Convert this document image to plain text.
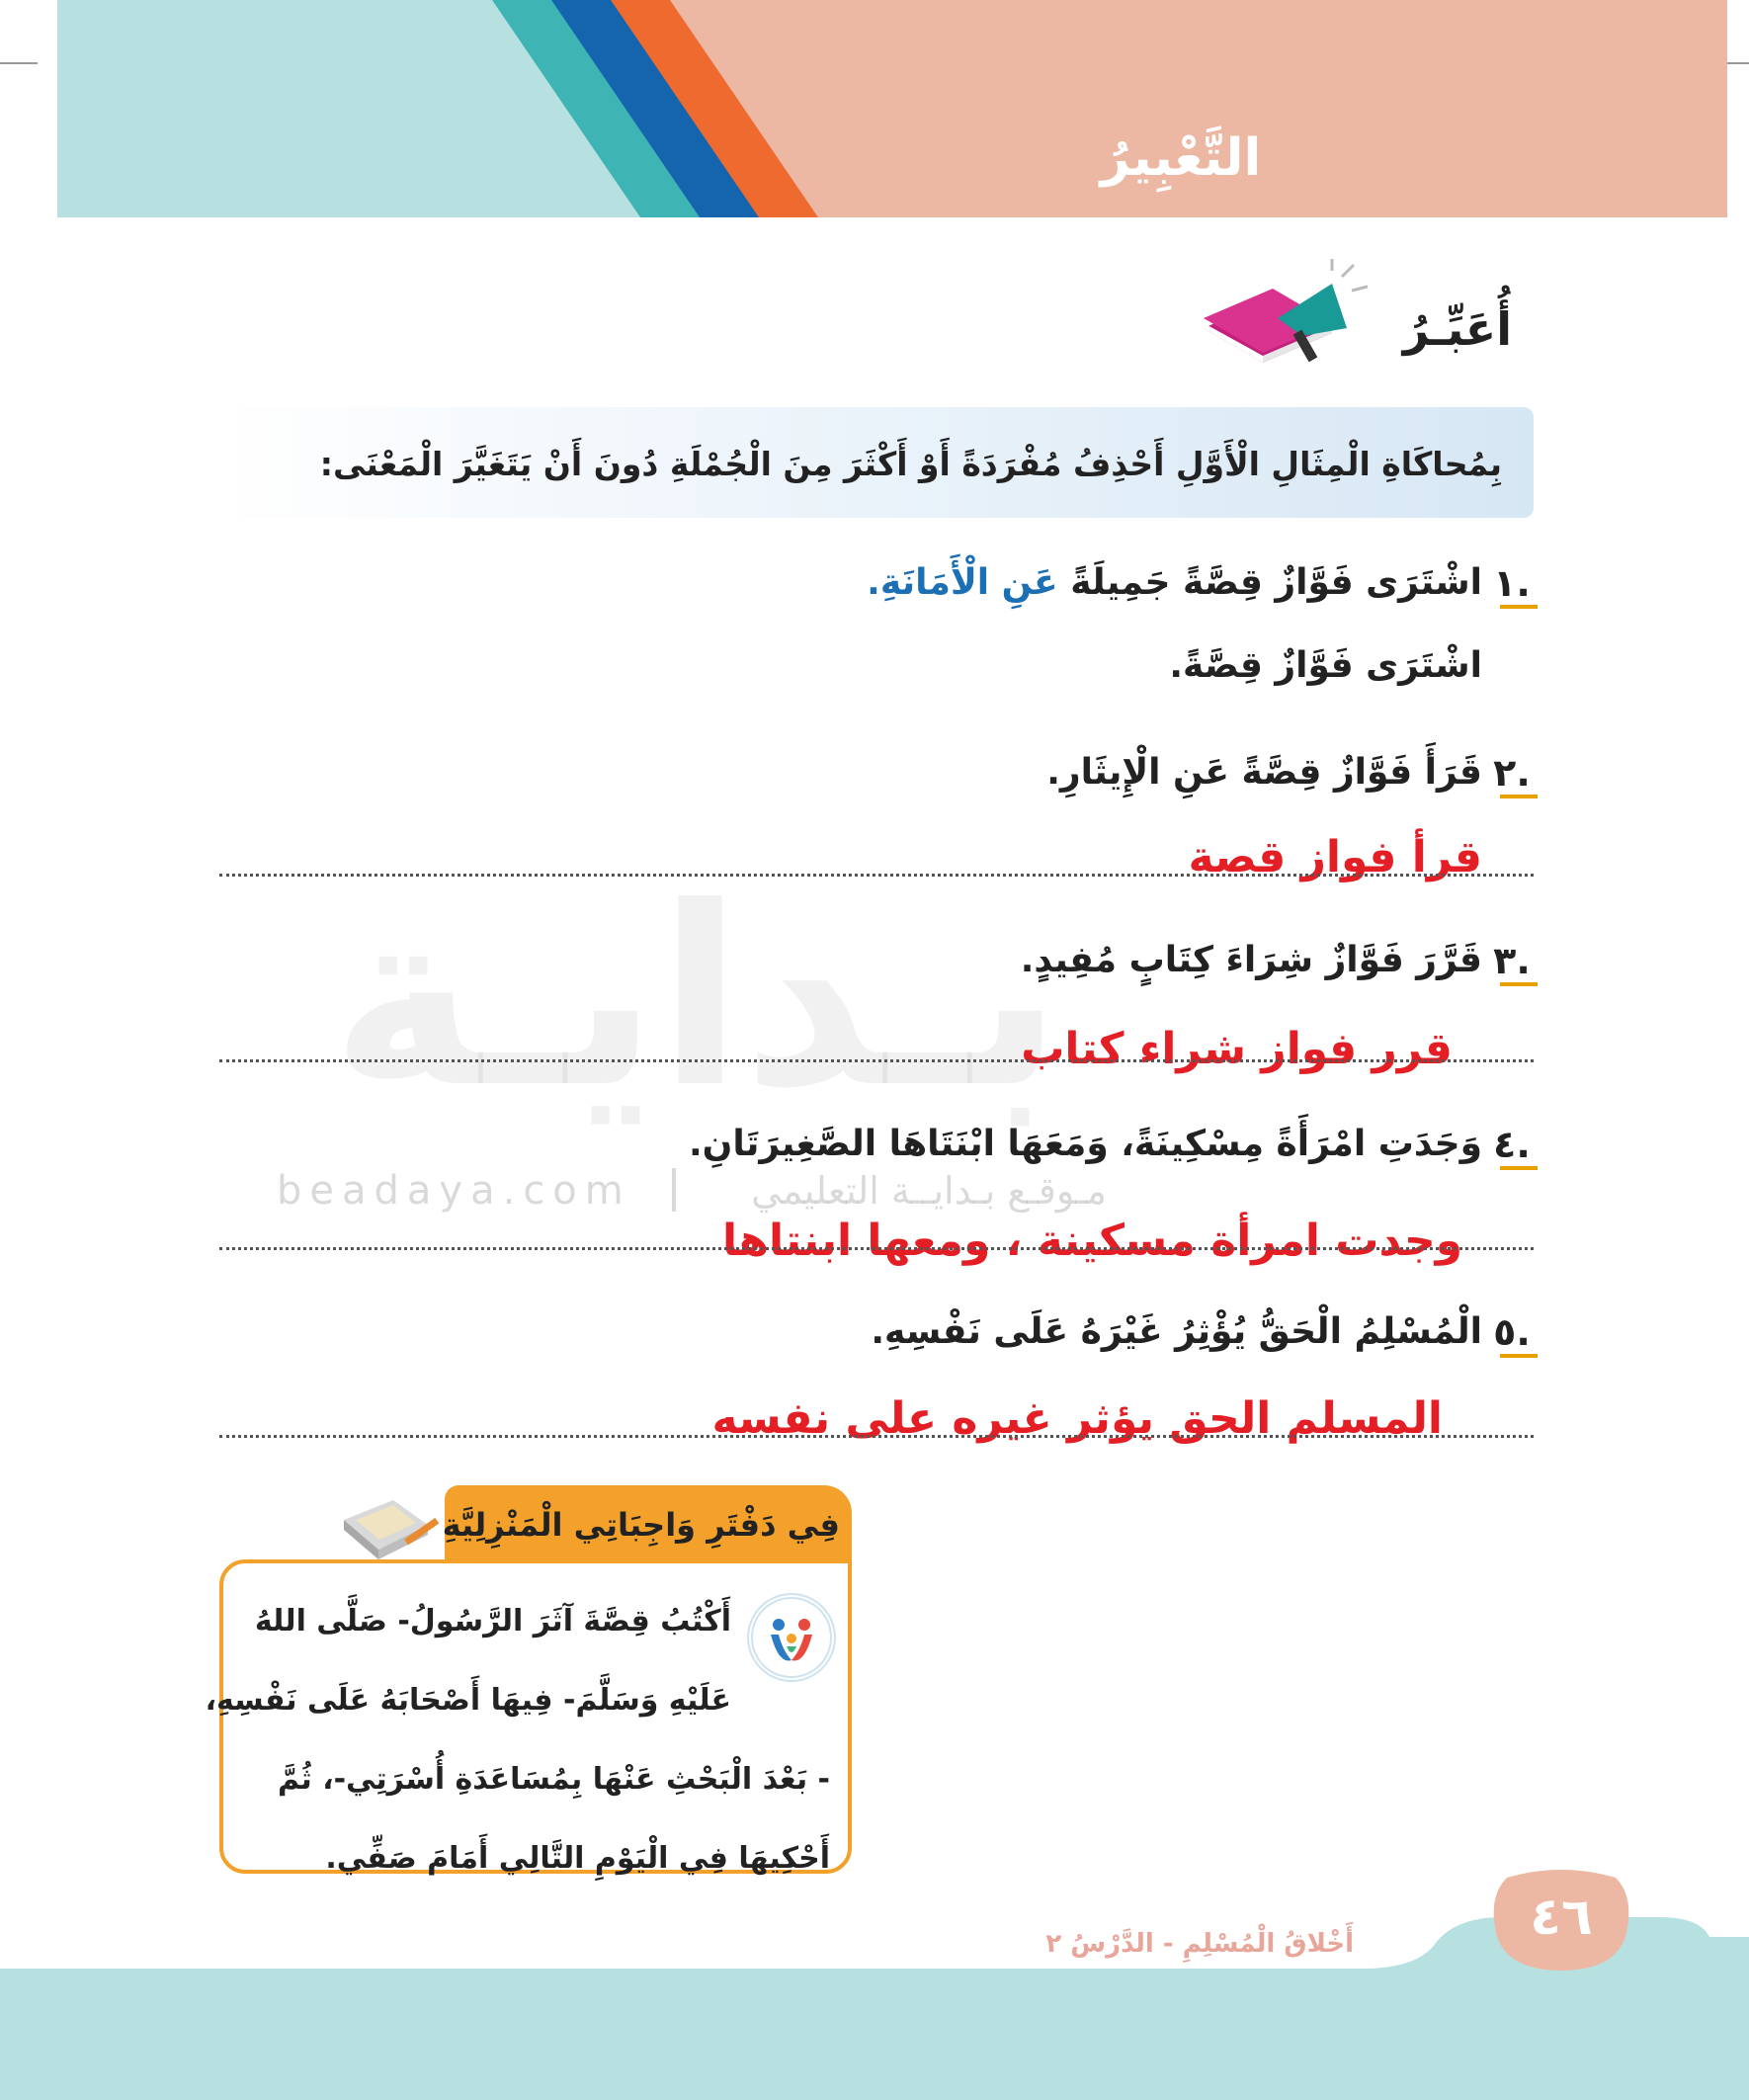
التَّعْبِيرُ
أُعَبِّـرُ
بِمُحاكَاةِ الْمِثَالِ الْأَوَّلِ أَحْذِفُ مُفْرَدَةً أَوْ أَكْثَرَ مِنَ الْجُمْلَةِ دُونَ أَنْ يَتَغَيَّرَ الْمَعْنَى:
بـدايـة
beadaya.com	مـوقـع بـدايــة التعليمي
١.
اشْتَرَى فَوَّازٌ قِصَّةً جَمِيلَةً عَنِ الْأَمَانَةِ.
اشْتَرَى فَوَّازٌ قِصَّةً.
٢.
قَرَأَ فَوَّازٌ قِصَّةً عَنِ الْإِيثَارِ.
قرأ فواز قصة
٣.
قَرَّرَ فَوَّازٌ شِرَاءَ كِتَابٍ مُفِيدٍ.
قرر فواز شراء كتاب
٤.
وَجَدَتِ امْرَأَةً مِسْكِينَةً، وَمَعَهَا ابْنَتَاهَا الصَّغِيرَتَانِ.
وجدت امرأة مسكينة ، ومعها ابنتاها
٥.
الْمُسْلِمُ الْحَقُّ يُؤْثِرُ غَيْرَهُ عَلَى نَفْسِهِ.
المسلم الحق يؤثر غيره على نفسه
فِي دَفْتَرِ وَاجِبَاتِي الْمَنْزِلِيَّةِ
أَكْتُبُ قِصَّةَ آثَرَ الرَّسُولُ- صَلَّى اللهُ
عَلَيْهِ وَسَلَّمَ- فِيهَا أَصْحَابَهُ عَلَى نَفْسِهِ،
- بَعْدَ الْبَحْثِ عَنْهَا بِمُسَاعَدَةِ أُسْرَتِي-، ثُمَّ
أَحْكِيهَا فِي الْيَوْمِ التَّالِي أَمَامَ صَفِّي.
٤٦
أَخْلاقُ الْمُسْلِمِ - الدَّرْسُ ٢
